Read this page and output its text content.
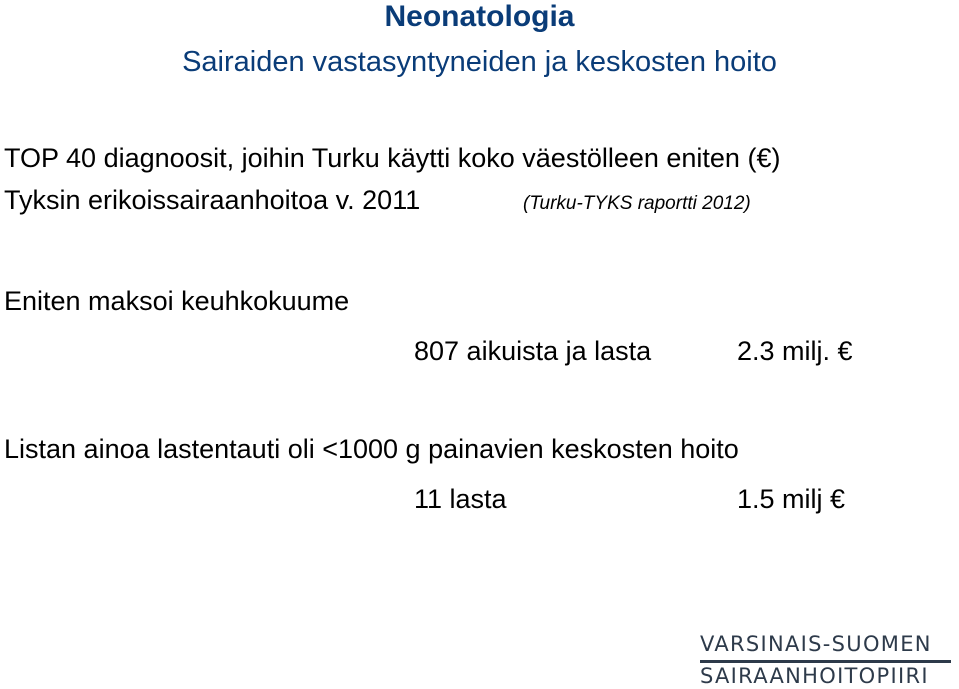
Neonatologia
Sairaiden vastasyntyneiden ja keskosten hoito
TOP 40 diagnoosit, joihin Turku käytti koko väestölleen eniten (€)
Tyksin erikoissairaanhoitoa v. 2011	(Turku-TYKS raportti 2012)
Eniten maksoi keuhkokuume
807 aikuista ja lasta	2.3 milj. €
Listan ainoa lastentauti oli <1000 g painavien keskosten hoito
11 lasta	1.5 milj €
VARSINAIS-SUOMEN
SAIRAANHOITOPIIRI
